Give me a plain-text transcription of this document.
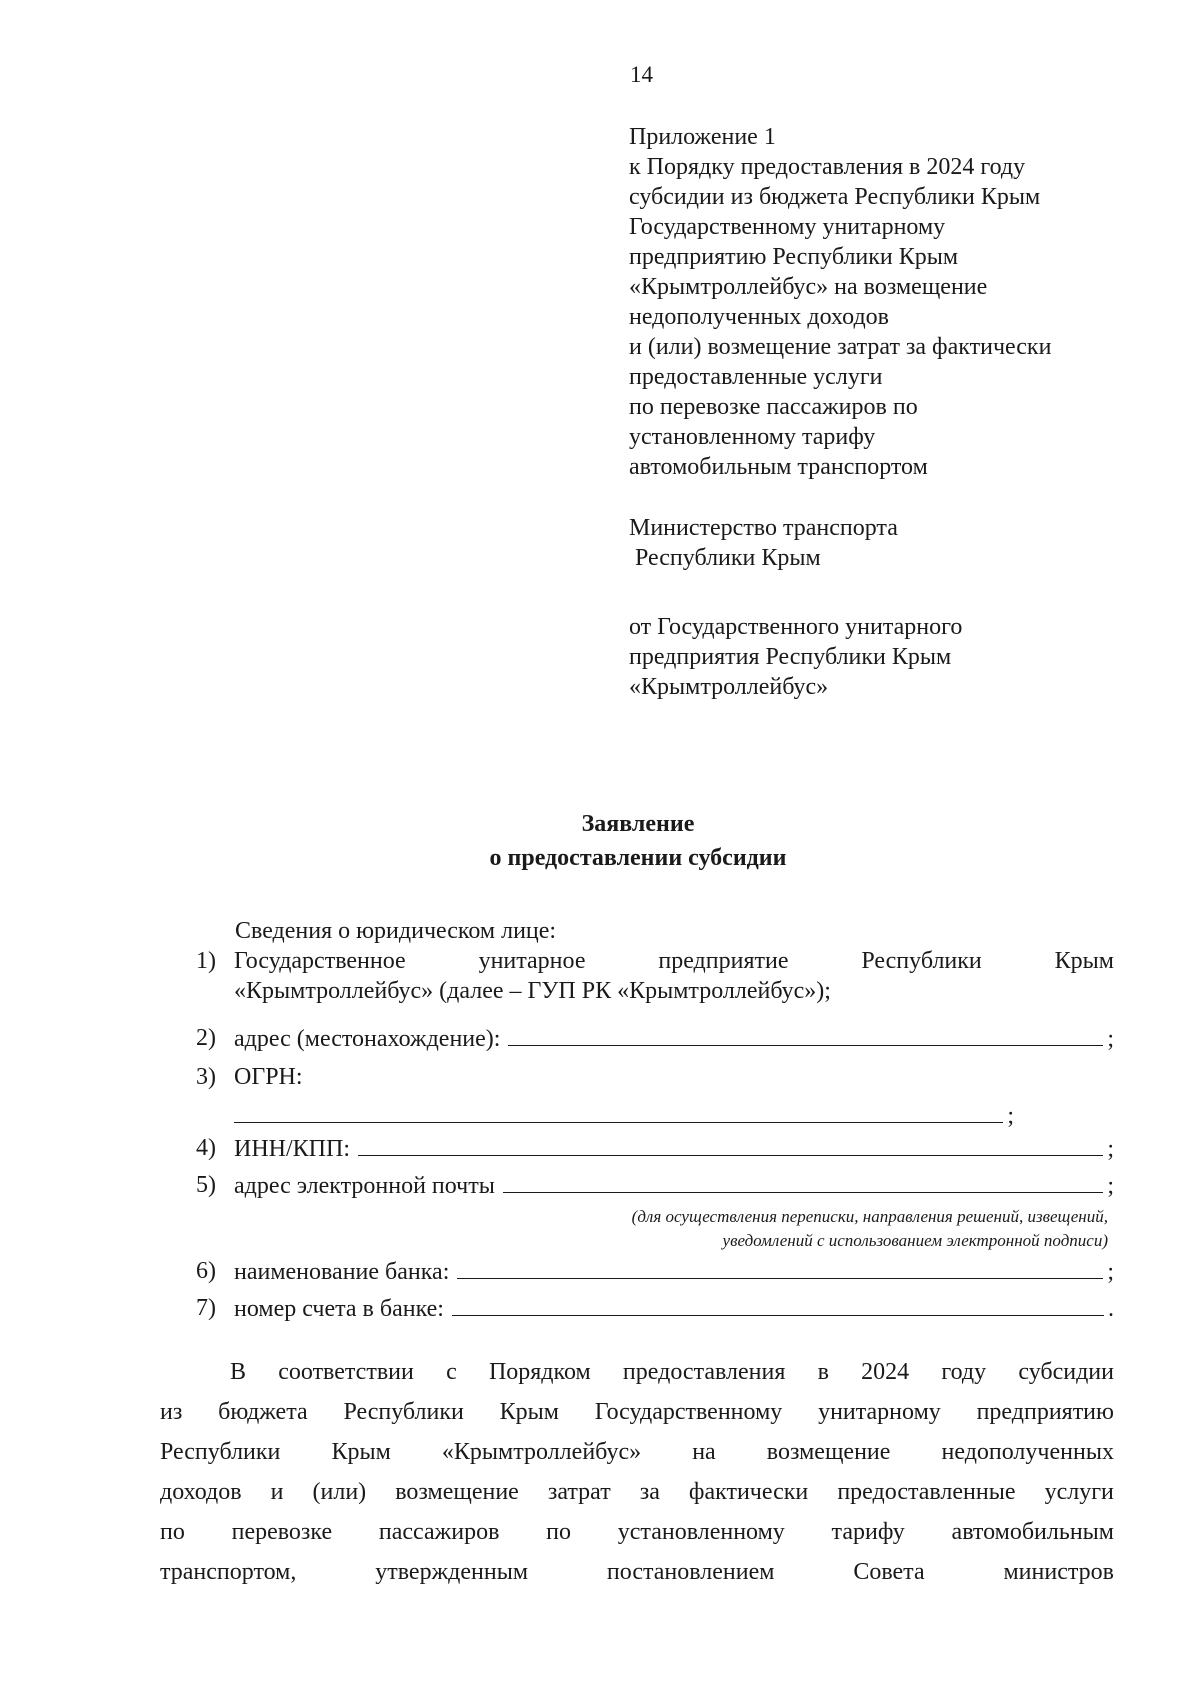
14
Приложение 1
к Порядку предоставления в 2024 году
субсидии из бюджета Республики Крым
Государственному унитарному
предприятию Республики Крым
«Крымтроллейбус» на возмещение
недополученных доходов
и (или) возмещение затрат за фактически
предоставленные услуги
по перевозке пассажиров по
установленному тарифу
автомобильным транспортом
Министерство транспорта
Республики Крым
от Государственного унитарного
предприятия Республики Крым
«Крымтроллейбус»
Заявление
о предоставлении субсидии
Сведения о юридическом лице:
1) Государственное	унитарное	предприятие	Республики	Крым
«Крымтроллейбус» (далее – ГУП РК «Крымтроллейбус»);
2) адрес (местонахождение):	;
3) ОГРН:
;
4) ИНН/КПП:	;
5) адрес электронной почты	;
(для осуществления переписки, направления решений, извещений,
уведомлений с использованием электронной подписи)
6) наименование банка:	;
7) номер счета в банке:	.
В соответствии с Порядком предоставления в 2024 году субсидии
из бюджета Республики Крым Государственному унитарному предприятию
Республики Крым «Крымтроллейбус» на возмещение недополученных
доходов и (или) возмещение затрат за фактически предоставленные услуги
по перевозке пассажиров по установленному тарифу автомобильным
транспортом,	утвержденным	постановлением	Совета	министров
